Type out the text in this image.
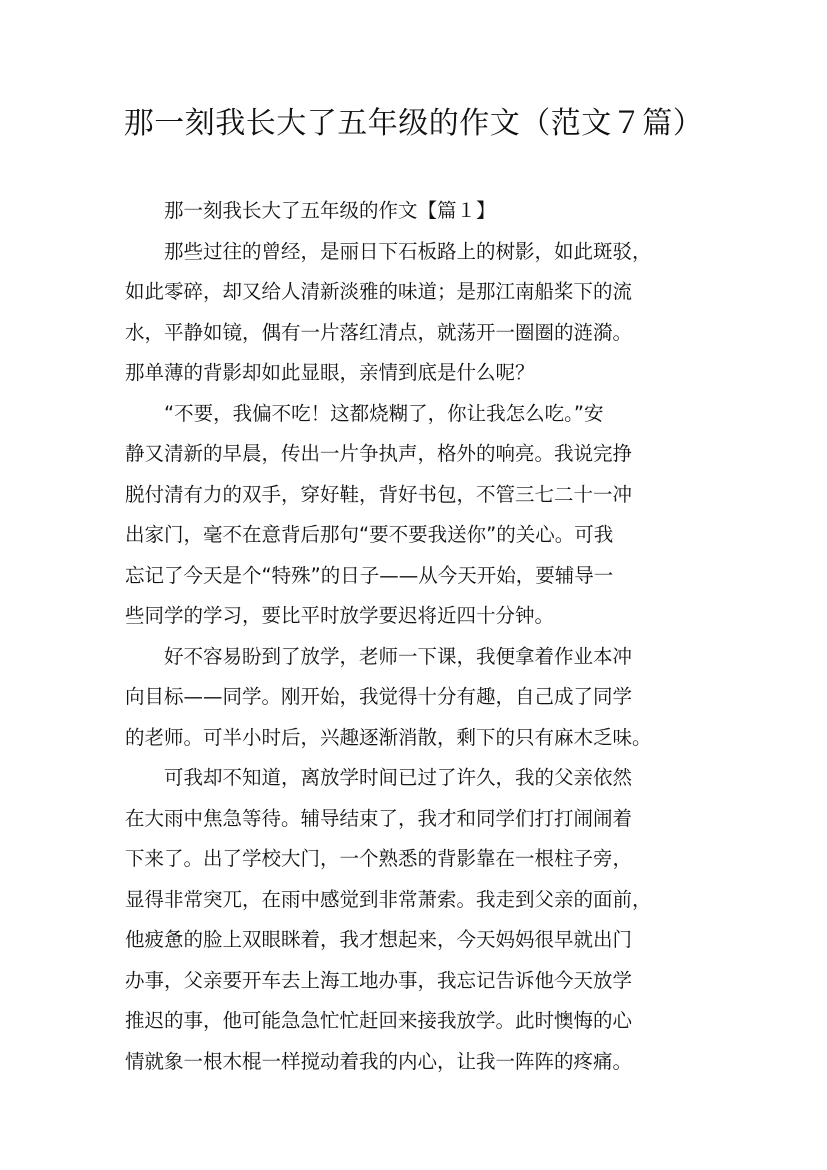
那一刻我长大了五年级的作文（范文７篇）

那一刻我长大了五年级的作文【篇１】

那些过往的曾经，是丽日下石板路上的树影，如此斑驳，
如此零碎，却又给人清新淡雅的味道；是那江南船桨下的流
水，平静如镜，偶有一片落红清点，就荡开一圈圈的涟漪。
那单薄的背影却如此显眼，亲情到底是什么呢？

“不要，我偏不吃！这都烧糊了，你让我怎么吃。”安
静又清新的早晨，传出一片争执声，格外的响亮。我说完挣
脱付清有力的双手，穿好鞋，背好书包，不管三七二十一冲
出家门，毫不在意背后那句“要不要我送你”的关心。可我
忘记了今天是个“特殊”的日子——从今天开始，要辅导一
些同学的学习，要比平时放学要迟将近四十分钟。

好不容易盼到了放学，老师一下课，我便拿着作业本冲
向目标——同学。刚开始，我觉得十分有趣，自己成了同学
的老师。可半小时后，兴趣逐渐消散，剩下的只有麻木乏味。

可我却不知道，离放学时间已过了许久，我的父亲依然
在大雨中焦急等待。辅导结束了，我才和同学们打打闹闹着
下来了。出了学校大门，一个熟悉的背影靠在一根柱子旁，
显得非常突兀，在雨中感觉到非常萧索。我走到父亲的面前，
他疲惫的脸上双眼眯着，我才想起来，今天妈妈很早就出门
办事，父亲要开车去上海工地办事，我忘记告诉他今天放学
推迟的事，他可能急急忙忙赶回来接我放学。此时懊悔的心
情就象一根木棍一样搅动着我的内心，让我一阵阵的疼痛。
